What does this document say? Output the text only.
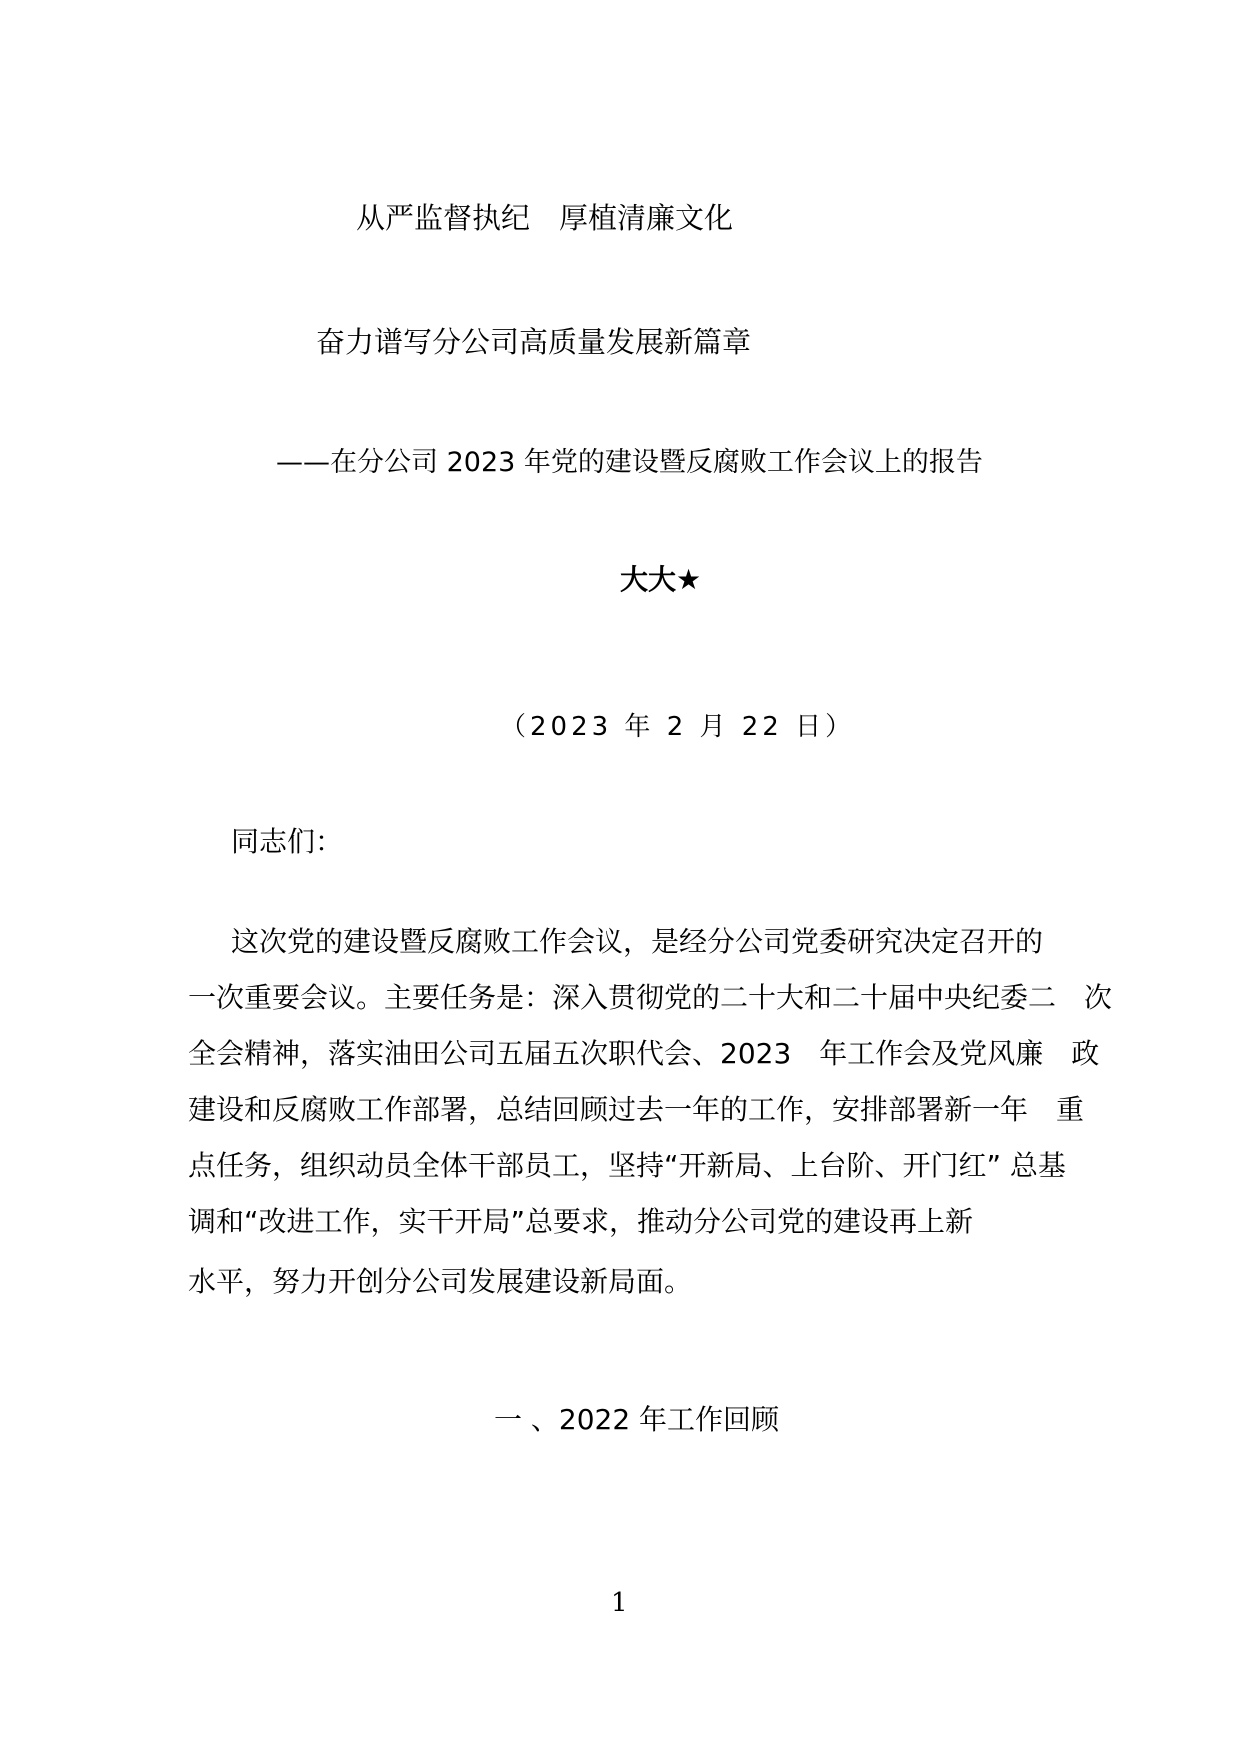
从严监督执纪　厚植清廉文化
奋力谱写分公司高质量发展新篇章
——在分公司 2023 年党的建设暨反腐败工作会议上的报告
大大★
（2023 年 2 月 22 日）
同志们：
这次党的建设暨反腐败工作会议，是经分公司党委研究决定召开的
一次重要会议。主要任务是：深入贯彻党的二十大和二十届中央纪委二　次
全会精神，落实油田公司五届五次职代会、2023　年工作会及党风廉　政
建设和反腐败工作部署，总结回顾过去一年的工作，安排部署新一年　重
点任务，组织动员全体干部员工，坚持“开新局、上台阶、开门红” 总基
调和“改进工作，实干开局”总要求，推动分公司党的建设再上新
水平，努力开创分公司发展建设新局面。
一 、2022 年工作回顾
1
